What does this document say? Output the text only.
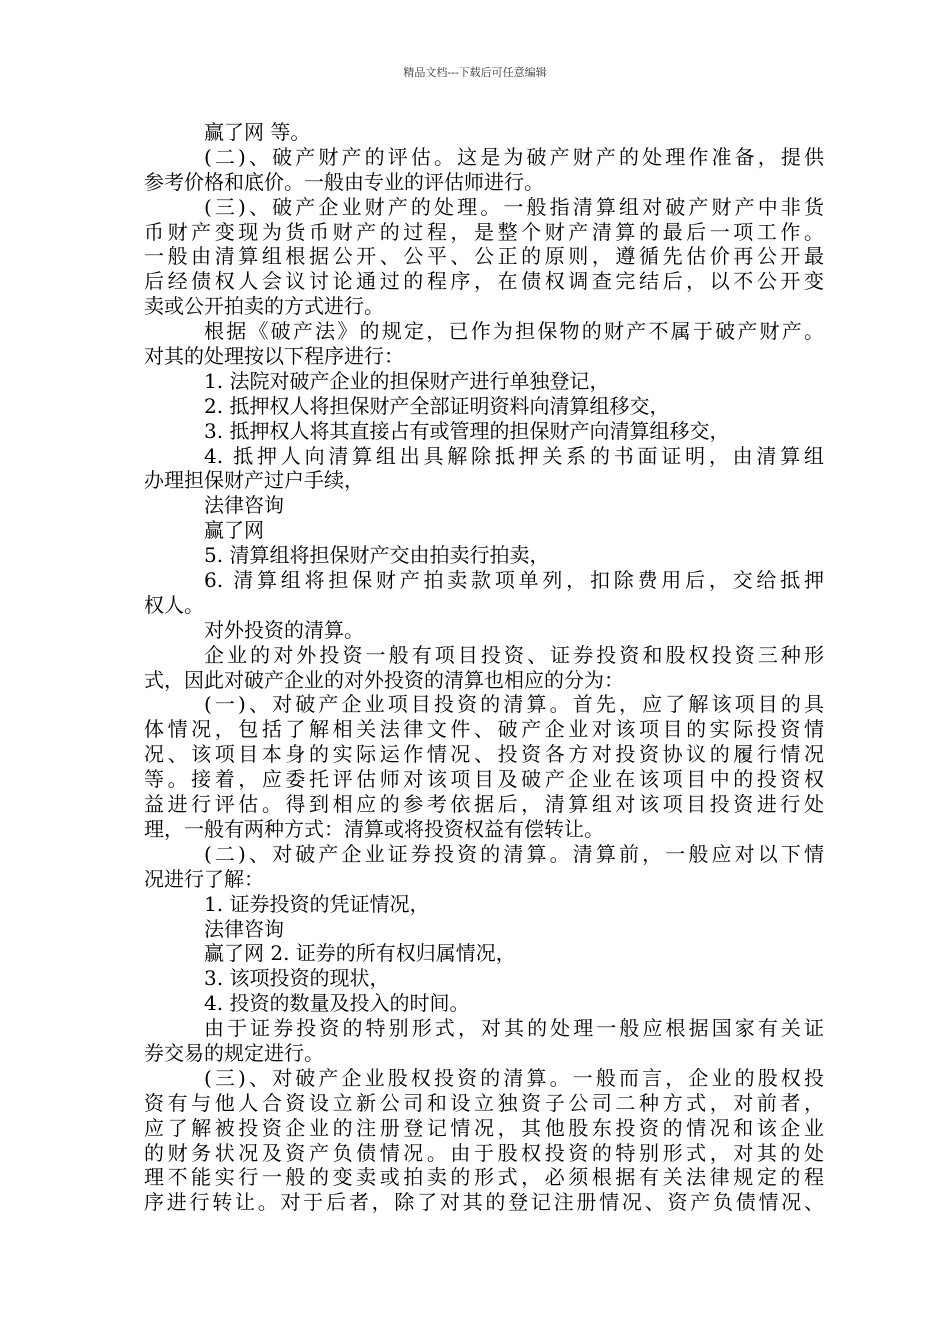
精品文档---下载后可任意编辑
赢了网 等。
(二)、破产财产的评估。这是为破产财产的处理作准备，提供
参考价格和底价。一般由专业的评估师进行。
(三)、破产企业财产的处理。一般指清算组对破产财产中非货
币财产变现为货币财产的过程，是整个财产清算的最后一项工作。
一般由清算组根据公开、公平、公正的原则，遵循先估价再公开最
后经债权人会议讨论通过的程序，在债权调查完结后，以不公开变
卖或公开拍卖的方式进行。
根据《破产法》的规定，已作为担保物的财产不属于破产财产。
对其的处理按以下程序进行：
1. 法院对破产企业的担保财产进行单独登记，
2. 抵押权人将担保财产全部证明资料向清算组移交，
3. 抵押权人将其直接占有或管理的担保财产向清算组移交，
4. 抵押人向清算组出具解除抵押关系的书面证明，由清算组
办理担保财产过户手续，
法律咨询
赢了网
5. 清算组将担保财产交由拍卖行拍卖，
6. 清算组将担保财产拍卖款项单列，扣除费用后，交给抵押
权人。
对外投资的清算。
企业的对外投资一般有项目投资、证券投资和股权投资三种形
式，因此对破产企业的对外投资的清算也相应的分为：
(一)、对破产企业项目投资的清算。首先，应了解该项目的具
体情况，包括了解相关法律文件、破产企业对该项目的实际投资情
况、该项目本身的实际运作情况、投资各方对投资协议的履行情况
等。接着，应委托评估师对该项目及破产企业在该项目中的投资权
益进行评估。得到相应的参考依据后，清算组对该项目投资进行处
理，一般有两种方式：清算或将投资权益有偿转让。
(二)、对破产企业证券投资的清算。清算前，一般应对以下情
况进行了解：
1. 证券投资的凭证情况，
法律咨询
赢了网 2. 证券的所有权归属情况，
3. 该项投资的现状，
4. 投资的数量及投入的时间。
由于证券投资的特别形式，对其的处理一般应根据国家有关证
券交易的规定进行。
(三)、对破产企业股权投资的清算。一般而言，企业的股权投
资有与他人合资设立新公司和设立独资子公司二种方式，对前者，
应了解被投资企业的注册登记情况，其他股东投资的情况和该企业
的财务状况及资产负债情况。由于股权投资的特别形式，对其的处
理不能实行一般的变卖或拍卖的形式，必须根据有关法律规定的程
序进行转让。对于后者，除了对其的登记注册情况、资产负债情况、
